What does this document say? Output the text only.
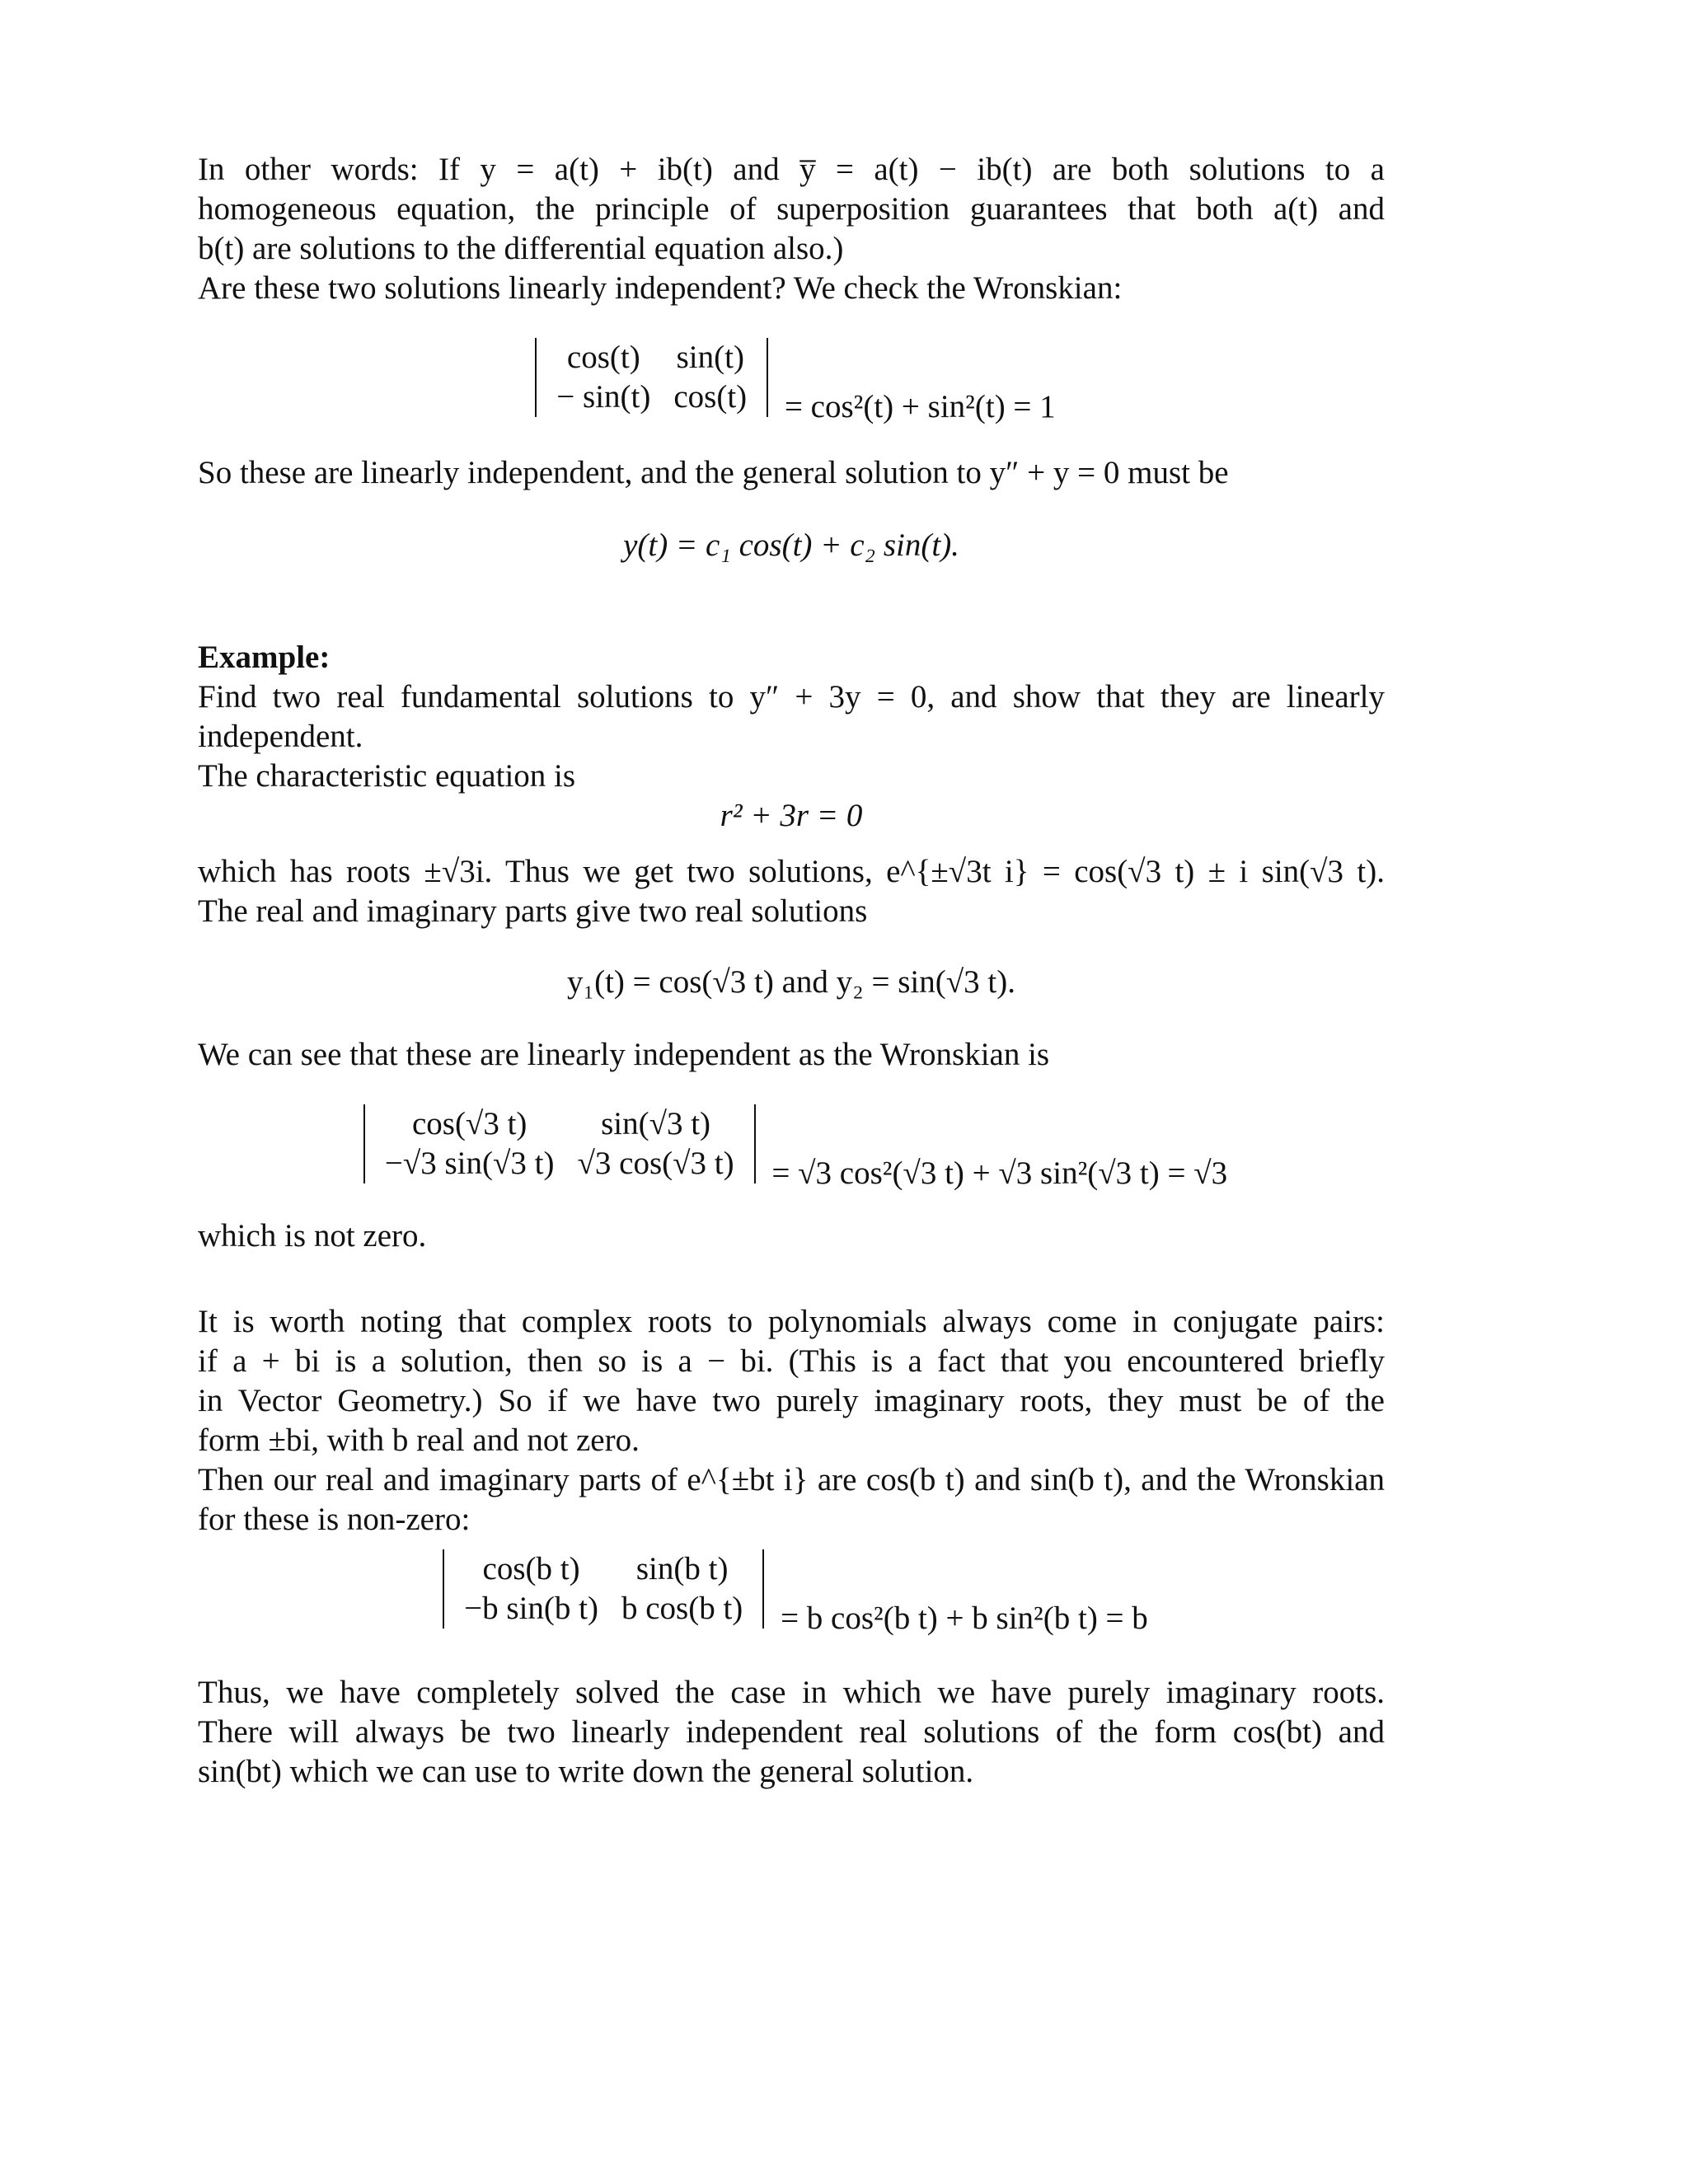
In other words: If y = a(t) + ib(t) and y̅ = a(t) − ib(t) are both solutions to a
homogeneous equation, the principle of superposition guarantees that both a(t) and
b(t) are solutions to the differential equation also.)
Are these two solutions linearly independent? We check the Wronskian:
cos(t)	sin(t)
− sin(t)	cos(t) = cos²(t) + sin²(t) = 1
So these are linearly independent, and the general solution to y″ + y = 0 must be
y(t) = c₁ cos(t) + c₂ sin(t).
Example:
Find two real fundamental solutions to y″ + 3y = 0, and show that they are linearly
independent.
The characteristic equation is
r² + 3r = 0
which has roots ±√3i. Thus we get two solutions, e^{±√3t i} = cos(√3 t) ± i sin(√3 t).
The real and imaginary parts give two real solutions
y₁(t) = cos(√3 t) and y₂ = sin(√3 t).
We can see that these are linearly independent as the Wronskian is
cos(√3 t)	sin(√3 t)
−√3 sin(√3 t)	√3 cos(√3 t) = √3 cos²(√3 t) + √3 sin²(√3 t) = √3
which is not zero.
It is worth noting that complex roots to polynomials always come in conjugate pairs:
if a + bi is a solution, then so is a − bi. (This is a fact that you encountered briefly
in Vector Geometry.) So if we have two purely imaginary roots, they must be of the
form ±bi, with b real and not zero.
Then our real and imaginary parts of e^{±bt i} are cos(b t) and sin(b t), and the Wronskian
for these is non-zero:
cos(b t)	sin(b t)
−b sin(b t)	b cos(b t) = b cos²(b t) + b sin²(b t) = b
Thus, we have completely solved the case in which we have purely imaginary roots.
There will always be two linearly independent real solutions of the form cos(bt) and
sin(bt) which we can use to write down the general solution.
